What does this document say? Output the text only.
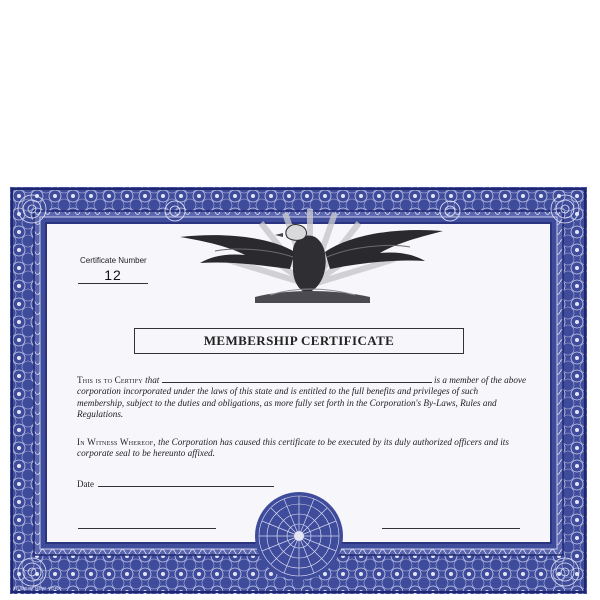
Certificate Number
12
MEMBERSHIP CERTIFICATE
This is to Certify that	is a member of the above corporation incorporated under the laws of this state and is entitled to the full benefits and privileges of such membership, subject to the duties and obligations, as more fully set forth in the Corporation's By-Laws, Rules and Regulations.
In Witness Whereof, the Corporation has caused this certificate to be executed by its duly authorized officers and its corporate seal to be hereunto affixed.
Date
HUBCO, NEW YORK
